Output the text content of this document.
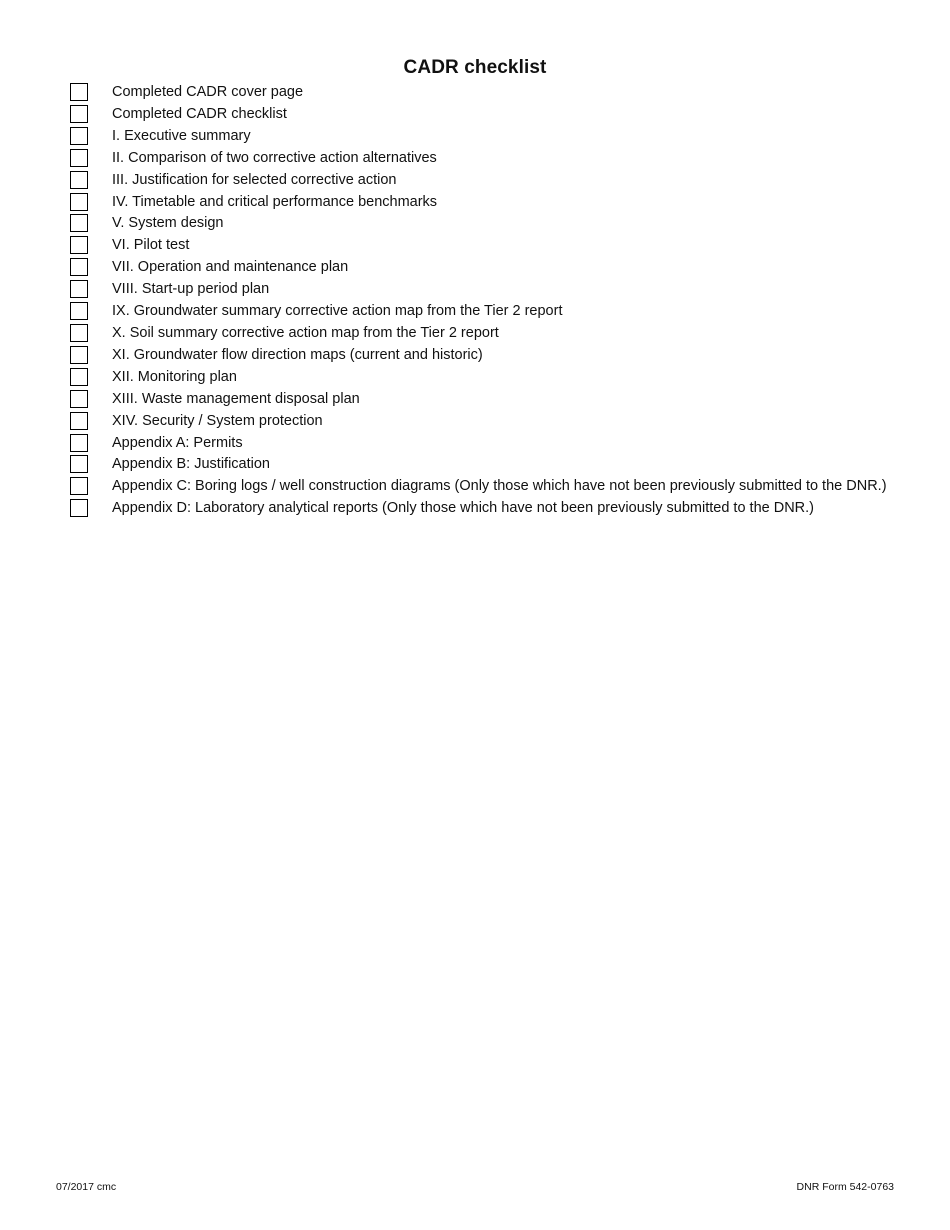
CADR checklist
Completed CADR cover page
Completed CADR checklist
I. Executive summary
II. Comparison of two corrective action alternatives
III. Justification for selected corrective action
IV. Timetable and critical performance benchmarks
V. System design
VI. Pilot test
VII. Operation and maintenance plan
VIII. Start-up period plan
IX. Groundwater summary corrective action map from the Tier 2 report
X. Soil summary corrective action map from the Tier 2 report
XI. Groundwater flow direction maps (current and historic)
XII. Monitoring plan
XIII. Waste management disposal plan
XIV. Security / System protection
Appendix A: Permits
Appendix B: Justification
Appendix C: Boring logs / well construction diagrams (Only those which have not been previously submitted to the DNR.)
Appendix D: Laboratory analytical reports (Only those which have not been previously submitted to the DNR.)
07/2017 cmc	DNR Form 542-0763
